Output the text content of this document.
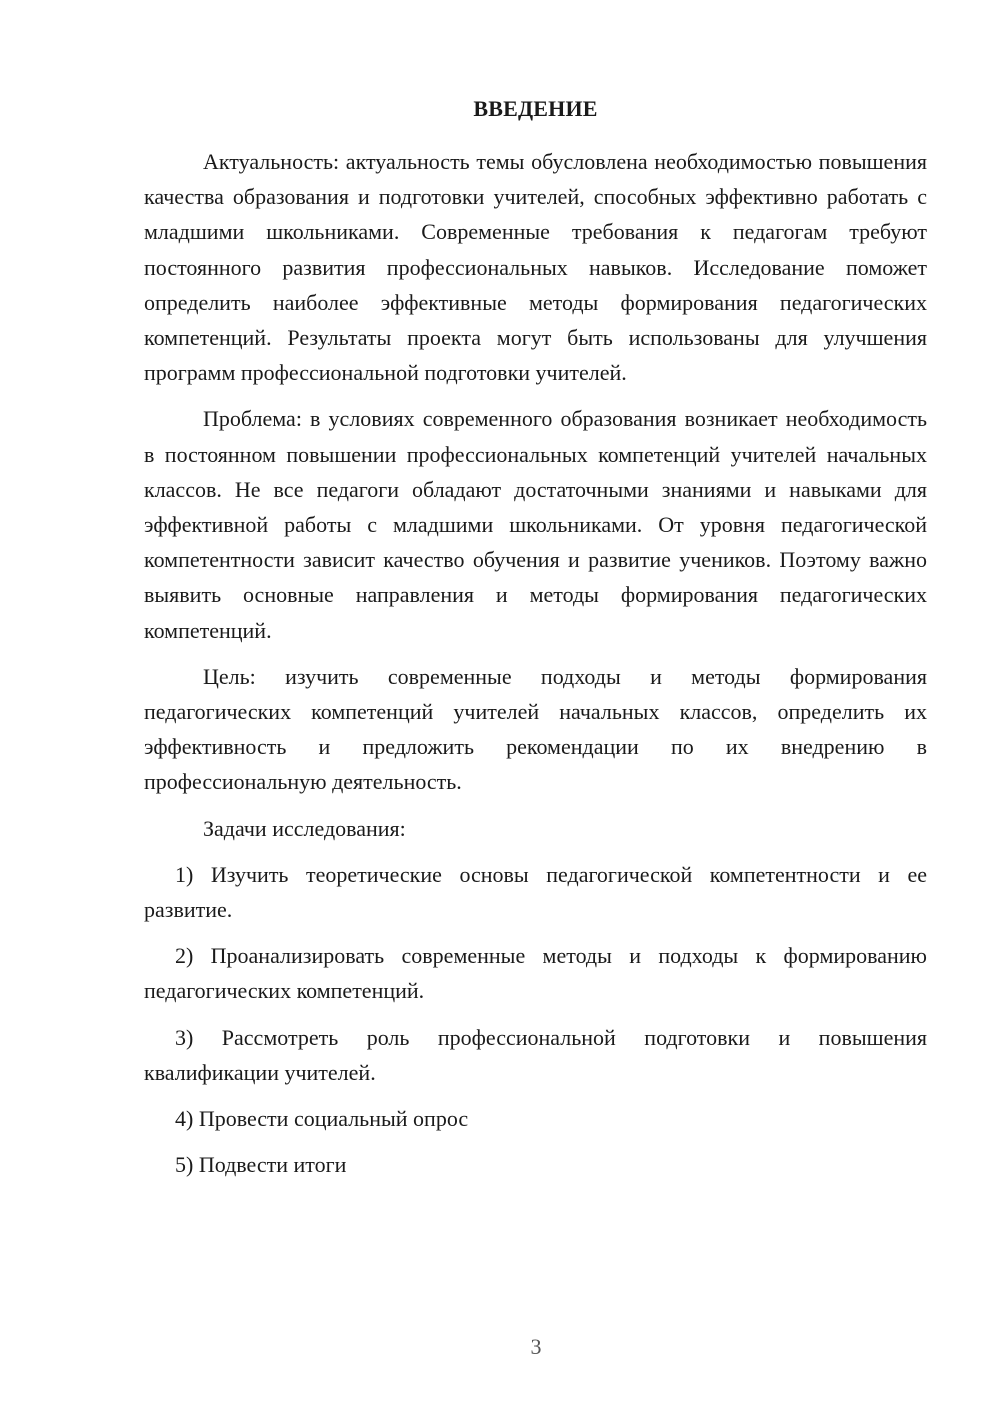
ВВЕДЕНИЕ

Актуальность: актуальность темы обусловлена необходимостью повышения качества образования и подготовки учителей, способных эффективно работать с младшими школьниками. Современные требования к педагогам требуют постоянного развития профессиональных навыков. Исследование поможет определить наиболее эффективные методы формирования педагогических компетенций. Результаты проекта могут быть использованы для улучшения программ профессиональной подготовки учителей.

Проблема: в условиях современного образования возникает необходимость в постоянном повышении профессиональных компетенций учителей начальных классов. Не все педагоги обладают достаточными знаниями и навыками для эффективной работы с младшими школьниками. От уровня педагогической компетентности зависит качество обучения и развитие учеников. Поэтому важно выявить основные направления и методы формирования педагогических компетенций.

Цель: изучить современные подходы и методы формирования педагогических компетенций учителей начальных классов, определить их эффективность и предложить рекомендации по их внедрению в профессиональную деятельность.

Задачи исследования:

1) Изучить теоретические основы педагогической компетентности и ее развитие.

2) Проанализировать современные методы и подходы к формированию педагогических компетенций.

3) Рассмотреть роль профессиональной подготовки и повышения квалификации учителей.

4) Провести социальный опрос

5) Подвести итоги

3
